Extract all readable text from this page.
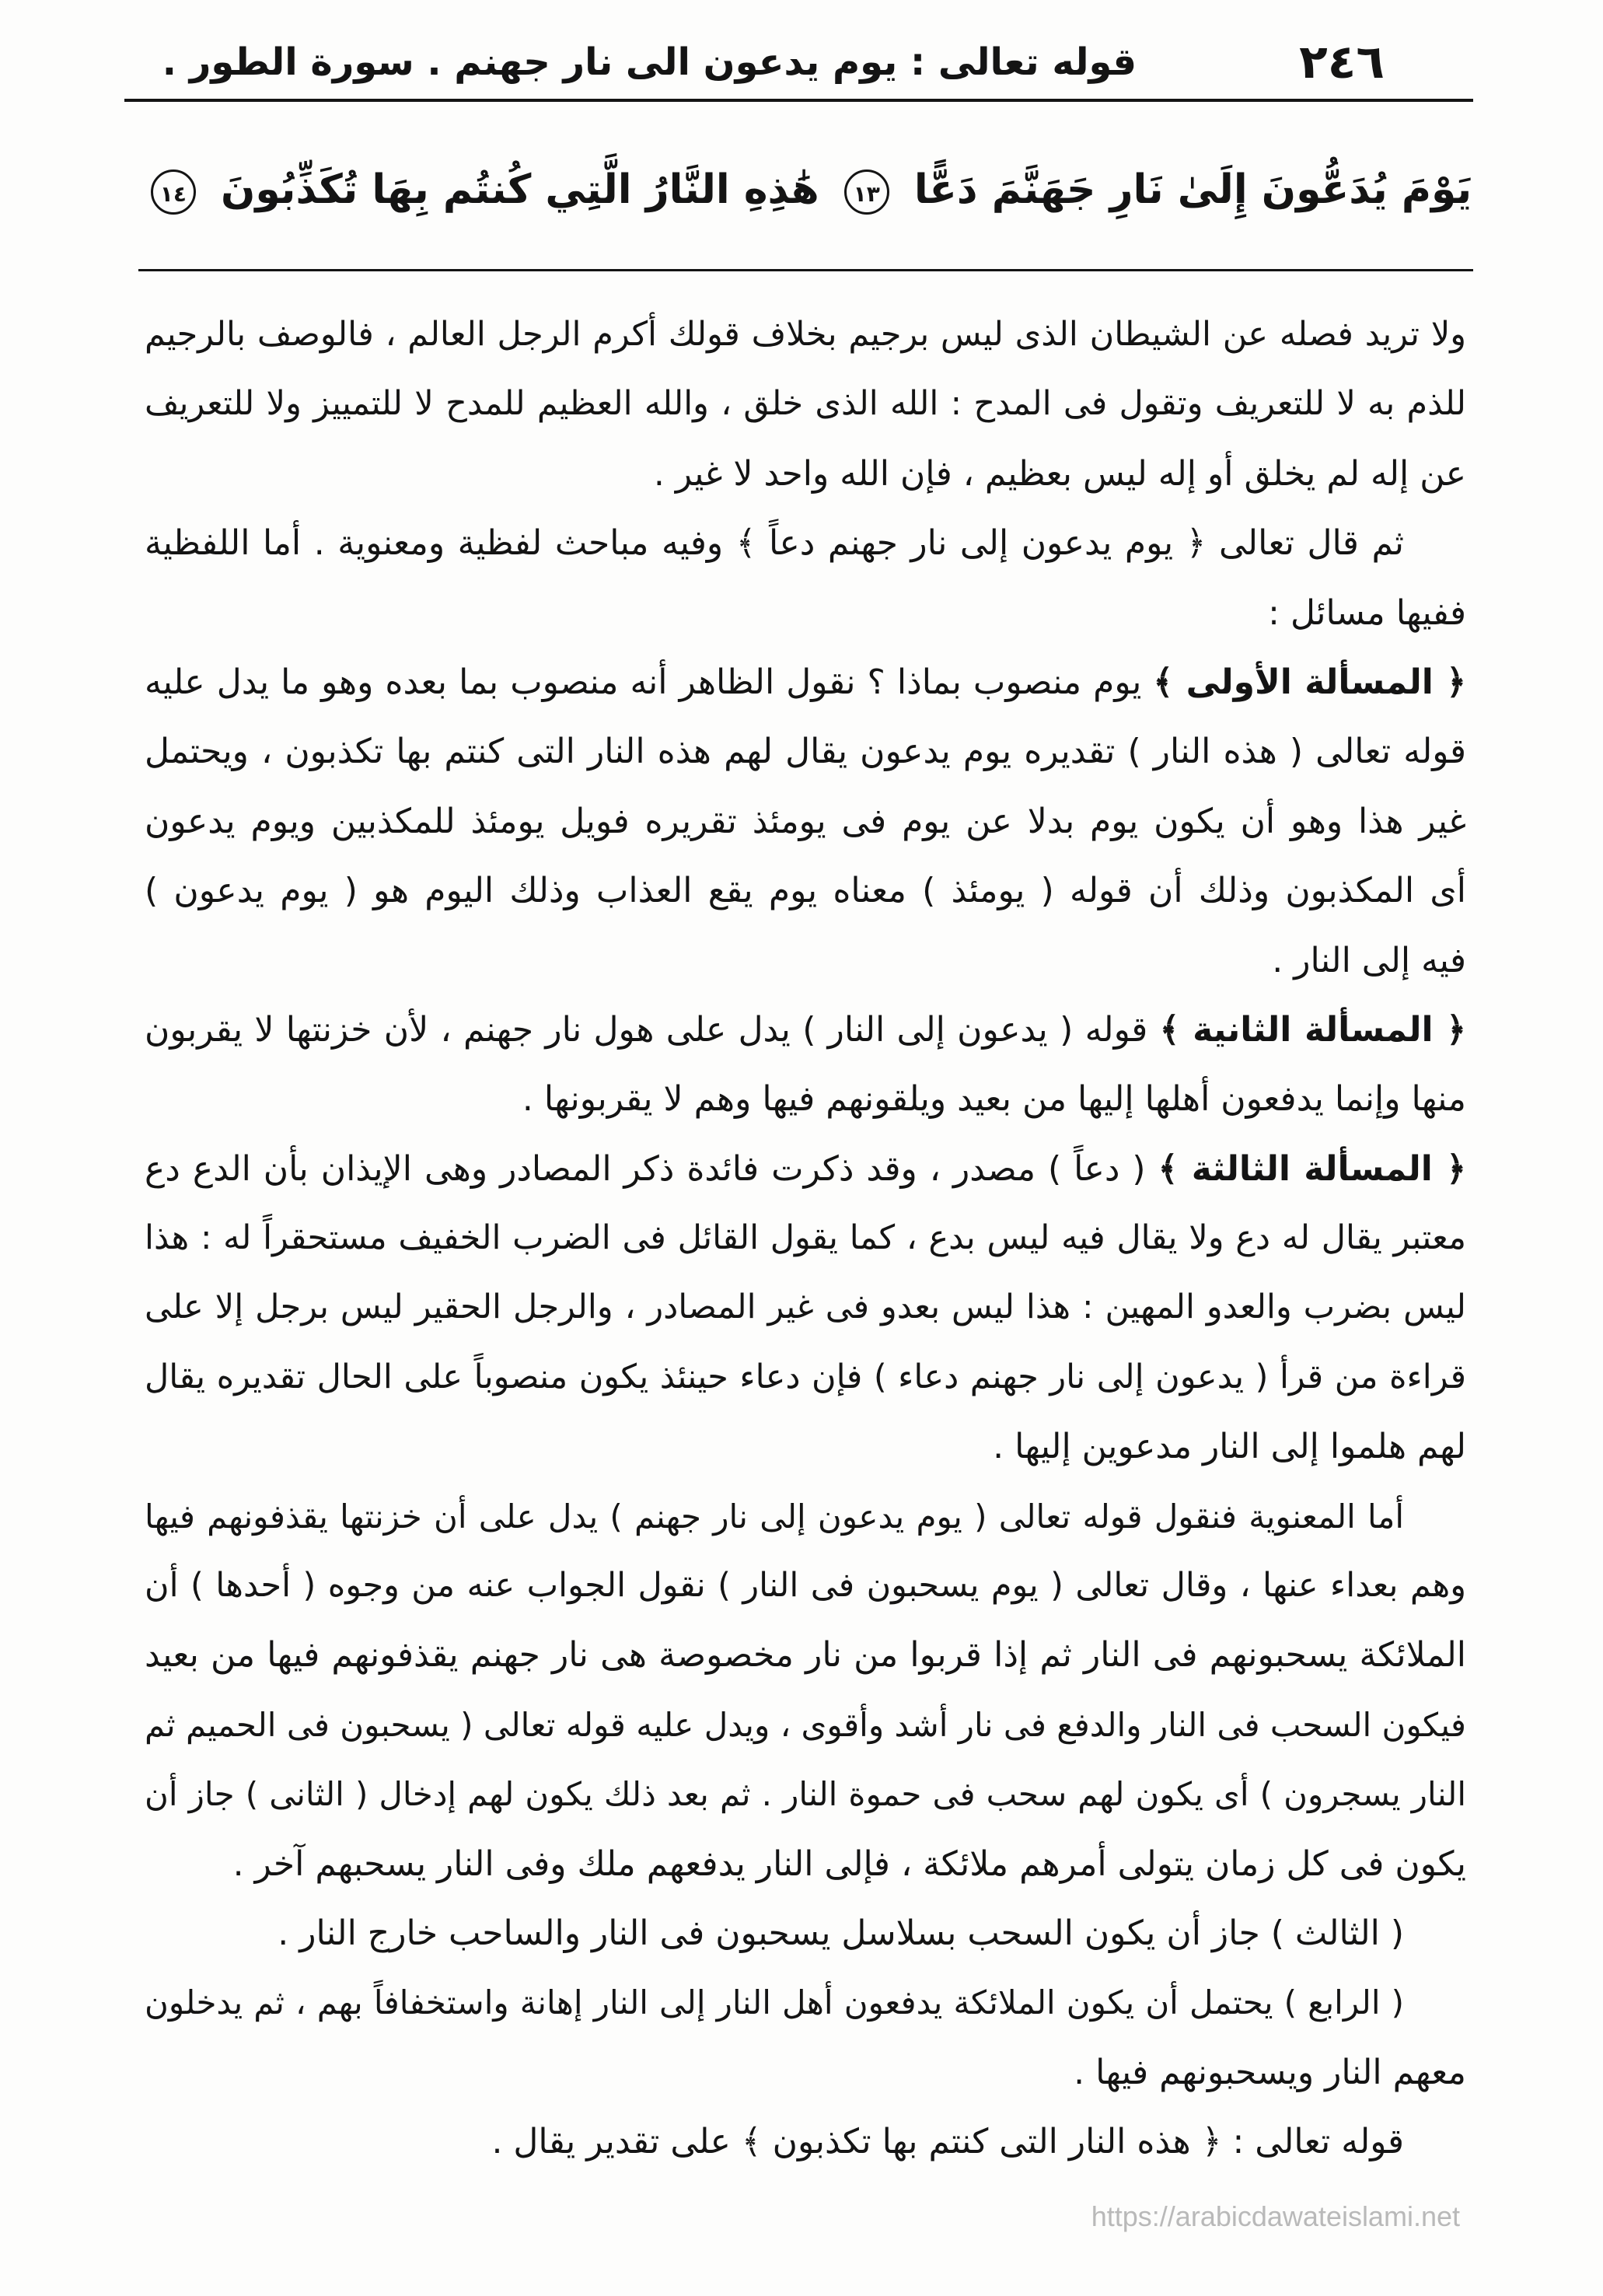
٢٤٦
قوله تعالى : يوم يدعون الى نار جهنم . سورة الطور .
يَوْمَ يُدَعُّونَ إِلَىٰ نَارِ جَهَنَّمَ دَعًّا ١٣ هَٰذِهِ النَّارُ الَّتِي كُنتُم بِهَا تُكَذِّبُونَ ١٤
ولا تريد فصله عن الشيطان الذى ليس برجيم بخلاف قولك أكرم الرجل العالم ، فالوصف بالرجيم
للذم به لا للتعريف وتقول فى المدح : الله الذى خلق ، والله العظيم للمدح لا للتمييز ولا للتعريف
عن إله لم يخلق أو إله ليس بعظيم ، فإن الله واحد لا غير .
ثم قال تعالى ﴿ يوم يدعون إلى نار جهنم دعاً ﴾ وفيه مباحث لفظية ومعنوية . أما اللفظية
ففيها مسائل :
﴿ المسألة الأولى ﴾ يوم منصوب بماذا ؟ نقول الظاهر أنه منصوب بما بعده وهو ما يدل عليه
قوله تعالى ( هذه النار ) تقديره يوم يدعون يقال لهم هذه النار التى كنتم بها تكذبون ، ويحتمل
غير هذا وهو أن يكون يوم بدلا عن يوم فى يومئذ تقريره فويل يومئذ للمكذبين ويوم يدعون
أى المكذبون وذلك أن قوله ( يومئذ ) معناه يوم يقع العذاب وذلك اليوم هو ( يوم يدعون )
فيه إلى النار .
﴿ المسألة الثانية ﴾ قوله ( يدعون إلى النار ) يدل على هول نار جهنم ، لأن خزنتها لا يقربون
منها وإنما يدفعون أهلها إليها من بعيد ويلقونهم فيها وهم لا يقربونها .
﴿ المسألة الثالثة ﴾ ( دعاً ) مصدر ، وقد ذكرت فائدة ذكر المصادر وهى الإيذان بأن الدع دع
معتبر يقال له دع ولا يقال فيه ليس بدع ، كما يقول القائل فى الضرب الخفيف مستحقراً له : هذا
ليس بضرب والعدو المهين : هذا ليس بعدو فى غير المصادر ، والرجل الحقير ليس برجل إلا على
قراءة من قرأ ( يدعون إلى نار جهنم دعاء ) فإن دعاء حينئذ يكون منصوباً على الحال تقديره يقال
لهم هلموا إلى النار مدعوين إليها .
أما المعنوية فنقول قوله تعالى ( يوم يدعون إلى نار جهنم ) يدل على أن خزنتها يقذفونهم فيها
وهم بعداء عنها ، وقال تعالى ( يوم يسحبون فى النار ) نقول الجواب عنه من وجوه ( أحدها ) أن
الملائكة يسحبونهم فى النار ثم إذا قربوا من نار مخصوصة هى نار جهنم يقذفونهم فيها من بعيد
فيكون السحب فى النار والدفع فى نار أشد وأقوى ، ويدل عليه قوله تعالى ( يسحبون فى الحميم ثم
النار يسجرون ) أى يكون لهم سحب فى حموة النار . ثم بعد ذلك يكون لهم إدخال ( الثانى ) جاز أن
يكون فى كل زمان يتولى أمرهم ملائكة ، فإلى النار يدفعهم ملك وفى النار يسحبهم آخر .
( الثالث ) جاز أن يكون السحب بسلاسل يسحبون فى النار والساحب خارج النار .
( الرابع ) يحتمل أن يكون الملائكة يدفعون أهل النار إلى النار إهانة واستخفافاً بهم ، ثم يدخلون
معهم النار ويسحبونهم فيها .
قوله تعالى : ﴿ هذه النار التى كنتم بها تكذبون ﴾ على تقدير يقال .
https://arabicdawateislami.net
